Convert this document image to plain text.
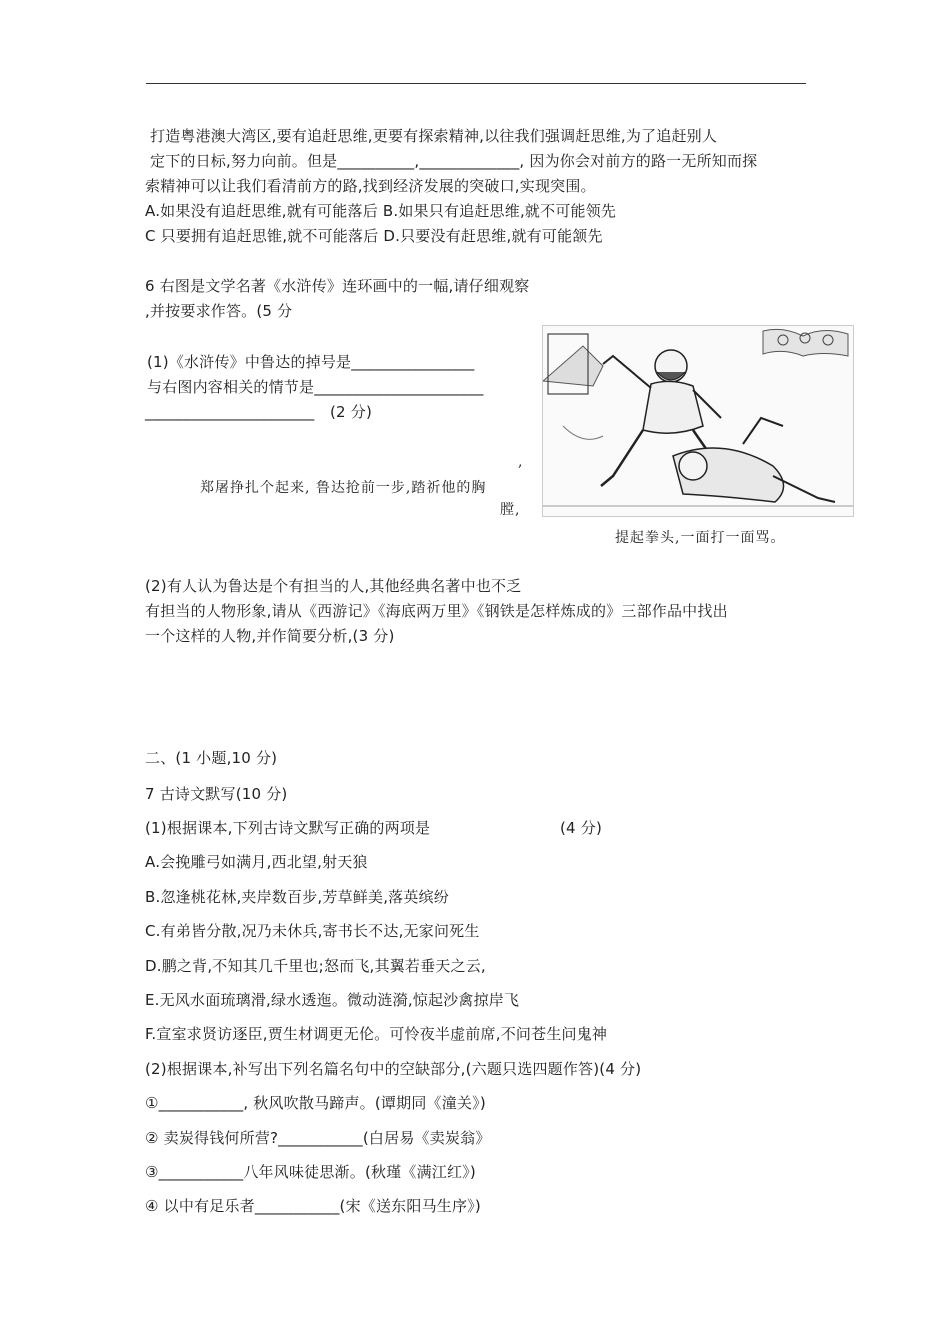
打造粤港澳大湾区,要有追赶思维,更要有探索精神,以往我们强调赶思维,为了追赶别人
定下的日标,努力向前。但是__________,_____________, 因为你会对前方的路一无所知而探
索精神可以让我们看清前方的路,找到经济发展的突破口,实现突围。
A.如果没有追赶思维,就有可能落后 B.如果只有追赶思维,就不可能领先
C 只要拥有追赶思锥,就不可能落后 D.只要没有赶思维,就有可能颔先
6 右图是文学名著《水浒传》连环画中的一幅,请仔细观察
,并按要求作答。(5 分
(1)《水浒传》中鲁达的掉号是________________
与右图内容相关的情节是______________________
______________________ (2 分)
,
郑屠挣扎个起来, 鲁达抢前一步,踏祈他的胸
膛,
提起拳头,一面打一面骂。
(2)有人认为鲁达是个有担当的人,其他经典名著中也不乏
有担当的人物形象,请从《西游记》《海底两万里》《钢铁是怎样炼成的》三部作品中找出
一个这样的人物,并作简要分析,(3 分)
二、(1 小题,10 分)
7 古诗文默写(10 分)
(1)根据课本,下列古诗文默写正确的两项是	(4 分)
A.会挽雕弓如满月,西北望,射天狼
B.忽逢桃花林,夹岸数百步,芳草鲜美,落英缤纷
C.有弟皆分散,况乃未休兵,寄书长不达,无家问死生
D.鹏之背,不知其几千里也;怒而飞,其翼若垂天之云,
E.无风水面琉璃滑,绿水透迤。微动涟漪,惊起沙禽掠岸飞
F.宣室求贤访逐臣,贾生材调更无伦。可怜夜半虚前席,不问苍生问鬼神
(2)根据课本,补写出下列名篇名句中的空缺部分,(六题只选四题作答)(4 分)
①___________, 秋风吹散马蹄声。(谭期同《潼关》)
② 卖炭得钱何所营?___________(白居易《卖炭翁》
③___________八年风味徒思渐。(秋瑾《满江红》)
④ 以中有足乐者___________(宋《送东阳马生序》)
